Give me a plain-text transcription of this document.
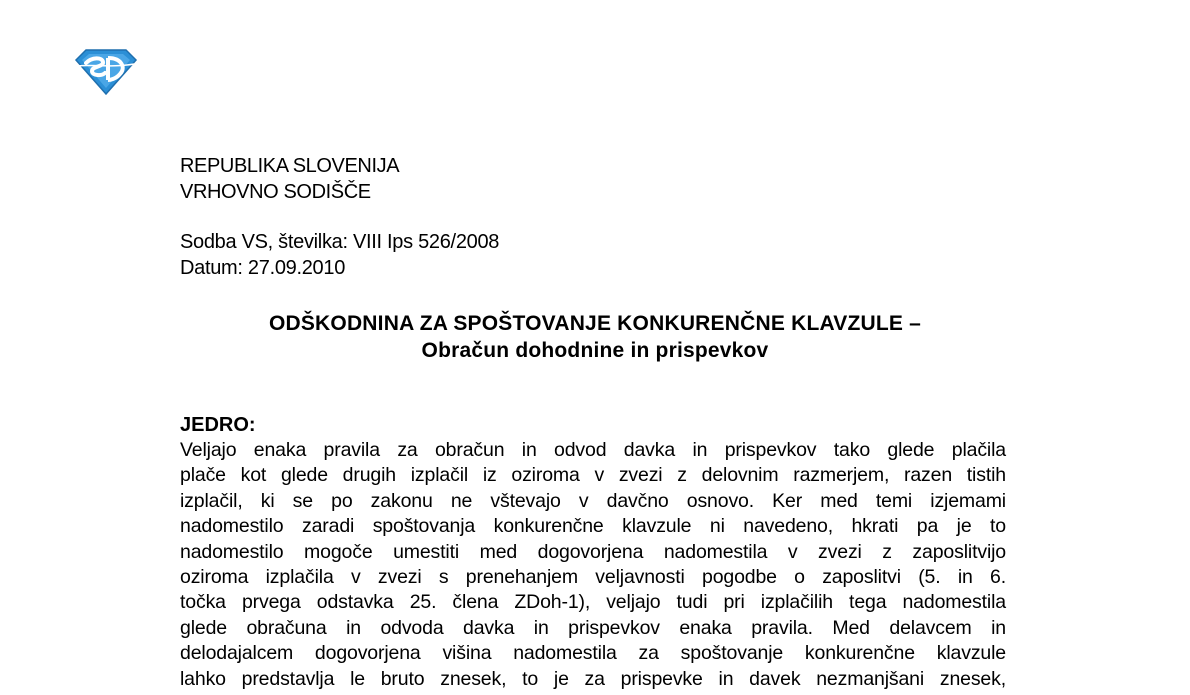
REPUBLIKA SLOVENIJA
VRHOVNO SODIŠČE
Sodba VS, številka: VIII Ips 526/2008
Datum: 27.09.2010
ODŠKODNINA ZA SPOŠTOVANJE KONKURENČNE KLAVZULE –
Obračun dohodnine in prispevkov
JEDRO:
Veljajo enaka pravila za obračun in odvod davka in prispevkov tako glede plačila
plače kot glede drugih izplačil iz oziroma v zvezi z delovnim razmerjem, razen tistih
izplačil, ki se po zakonu ne vštevajo v davčno osnovo. Ker med temi izjemami
nadomestilo zaradi spoštovanja konkurenčne klavzule ni navedeno, hkrati pa je to
nadomestilo mogoče umestiti med dogovorjena nadomestila v zvezi z zaposlitvijo
oziroma izplačila v zvezi s prenehanjem veljavnosti pogodbe o zaposlitvi (5. in 6.
točka prvega odstavka 25. člena ZDoh-1), veljajo tudi pri izplačilih tega nadomestila
glede obračuna in odvoda davka in prispevkov enaka pravila. Med delavcem in
delodajalcem dogovorjena višina nadomestila za spoštovanje konkurenčne klavzule
lahko predstavlja le bruto znesek, to je za prispevke in davek nezmanjšani znesek,
